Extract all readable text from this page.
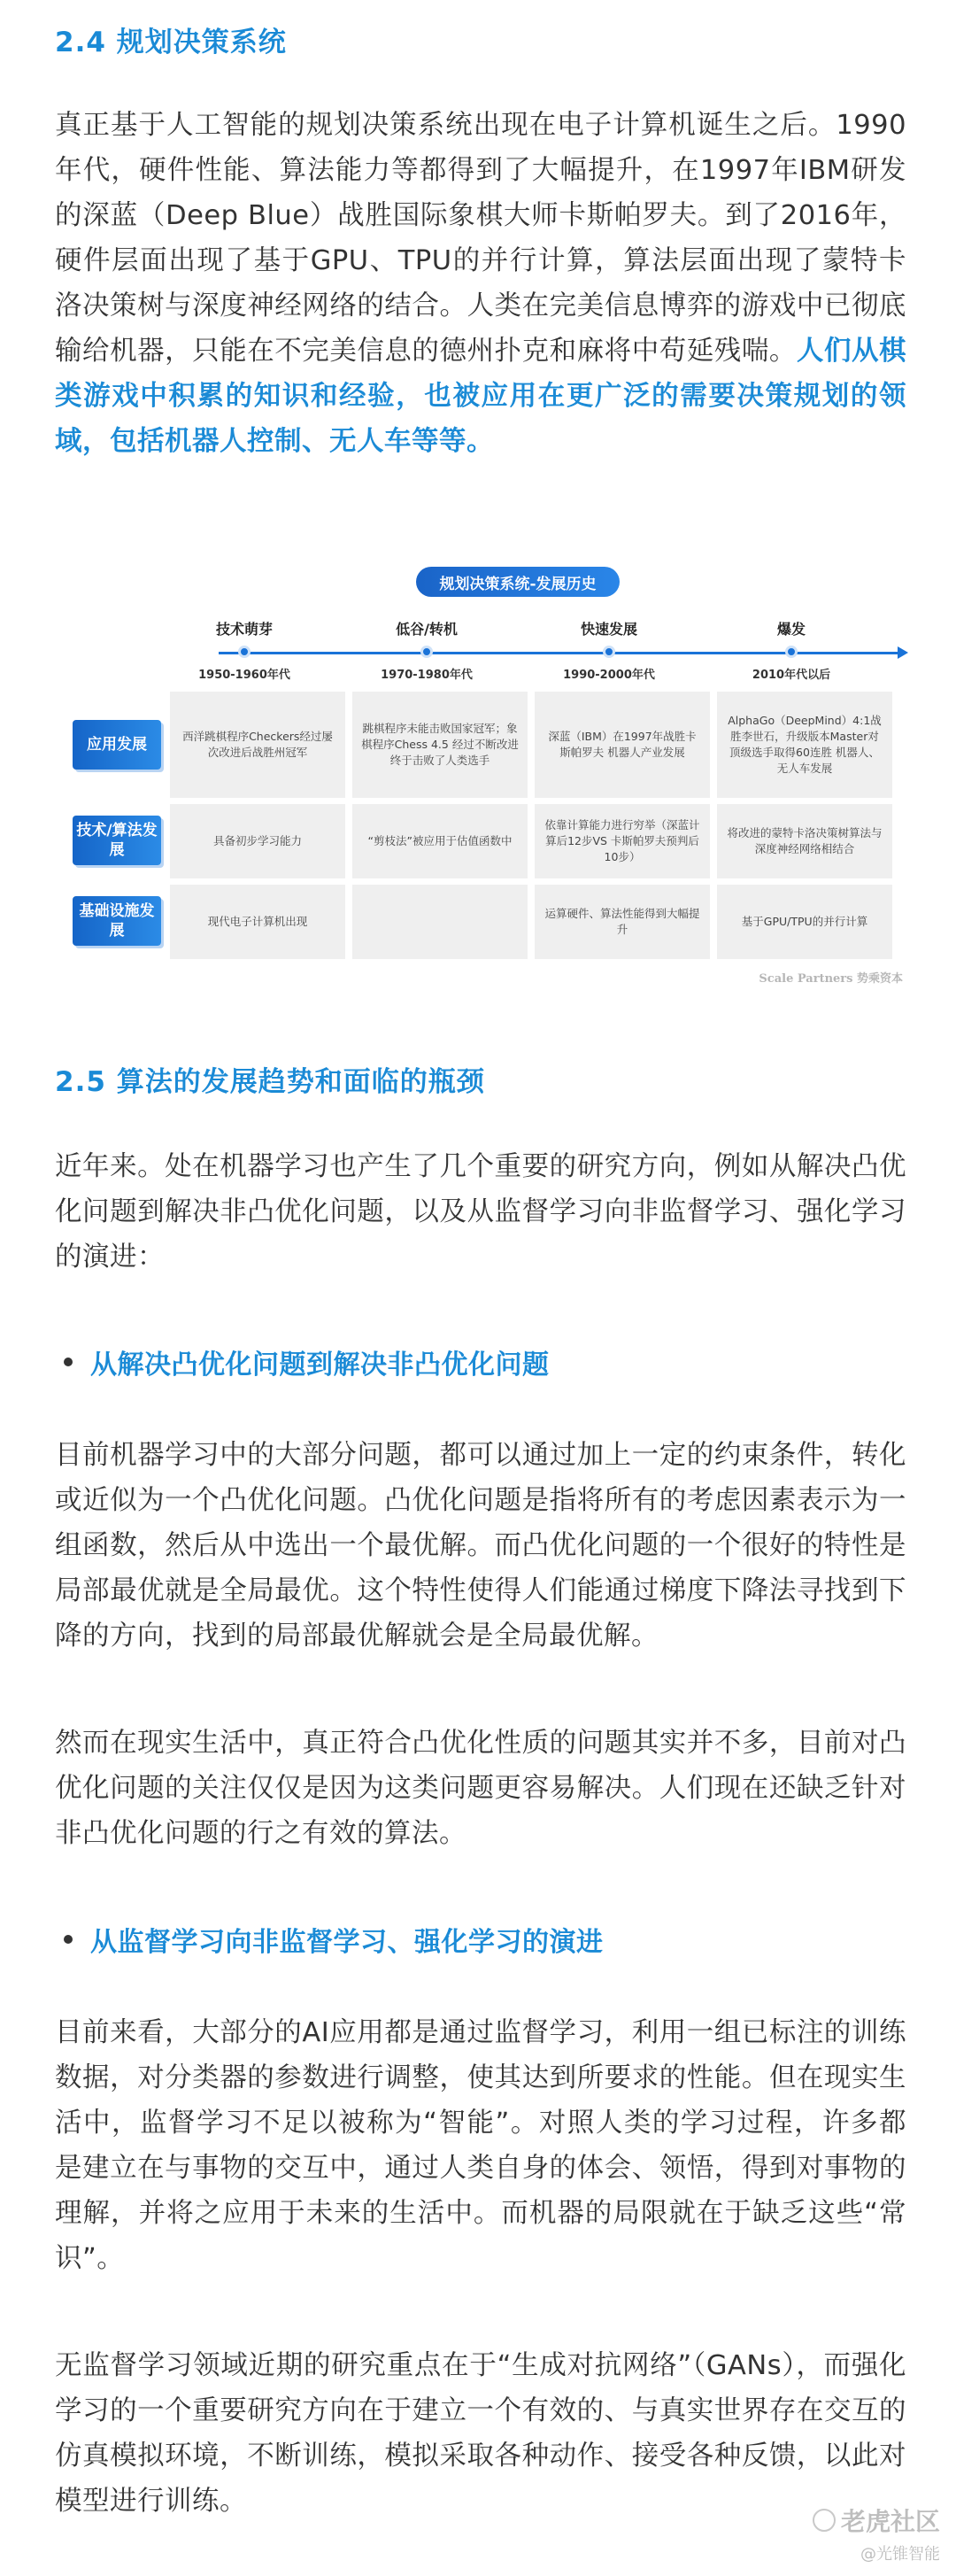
2.4 规划决策系统
真正基于人工智能的规划决策系统出现在电子计算机诞生之后。1990年代，硬件性能、算法能力等都得到了大幅提升，在1997年IBM研发的深蓝（Deep Blue）战胜国际象棋大师卡斯帕罗夫。到了2016年，硬件层面出现了基于GPU、TPU的并行计算，算法层面出现了蒙特卡洛决策树与深度神经网络的结合。人类在完美信息博弈的游戏中已彻底输给机器，只能在不完美信息的德州扑克和麻将中苟延残喘。人们从棋类游戏中积累的知识和经验，也被应用在更广泛的需要决策规划的领域，包括机器人控制、无人车等等。
规划决策系统-发展历史
技术萌芽
1950-1960年代
低谷/转机
1970-1980年代
快速发展
1990-2000年代
爆发
2010年代以后
应用发展	西洋跳棋程序Checkers经过屡次改进后战胜州冠军
跳棋程序未能击败国家冠军；象棋程序Chess 4.5 经过不断改进终于击败了人类选手
深蓝（IBM）在1997年战胜卡斯帕罗夫 机器人产业发展
AlphaGo（DeepMind）4:1战胜李世石，升级版本Master对顶级选手取得60连胜 机器人、无人车发展
技术/算法发展
具备初步学习能力	“剪枝法”被应用于估值函数中
依靠计算能力进行穷举（深蓝计算后12步VS 卡斯帕罗夫预判后10步）
将改进的蒙特卡洛决策树算法与深度神经网络相结合
基础设施发展
现代电子计算机出现
运算硬件、算法性能得到大幅提升
基于GPU/TPU的并行计算
Scale Partners 势乘资本
2.5 算法的发展趋势和面临的瓶颈
近年来。处在机器学习也产生了几个重要的研究方向，例如从解决凸优化问题到解决非凸优化问题，以及从监督学习向非监督学习、强化学习的演进：
从解决凸优化问题到解决非凸优化问题
目前机器学习中的大部分问题，都可以通过加上一定的约束条件，转化或近似为一个凸优化问题。凸优化问题是指将所有的考虑因素表示为一组函数，然后从中选出一个最优解。而凸优化问题的一个很好的特性是局部最优就是全局最优。这个特性使得人们能通过梯度下降法寻找到下降的方向，找到的局部最优解就会是全局最优解。
然而在现实生活中，真正符合凸优化性质的问题其实并不多，目前对凸优化问题的关注仅仅是因为这类问题更容易解决。人们现在还缺乏针对非凸优化问题的行之有效的算法。
从监督学习向非监督学习、强化学习的演进
目前来看，大部分的AI应用都是通过监督学习，利用一组已标注的训练数据，对分类器的参数进行调整，使其达到所要求的性能。但在现实生活中，监督学习不足以被称为“智能”。对照人类的学习过程，许多都是建立在与事物的交互中，通过人类自身的体会、领悟，得到对事物的理解，并将之应用于未来的生活中。而机器的局限就在于缺乏这些“常识”。
无监督学习领域近期的研究重点在于“生成对抗网络”（GANs），而强化学习的一个重要研究方向在于建立一个有效的、与真实世界存在交互的仿真模拟环境，不断训练，模拟采取各种动作、接受各种反馈，以此对模型进行训练。
老虎社区
@光锥智能
